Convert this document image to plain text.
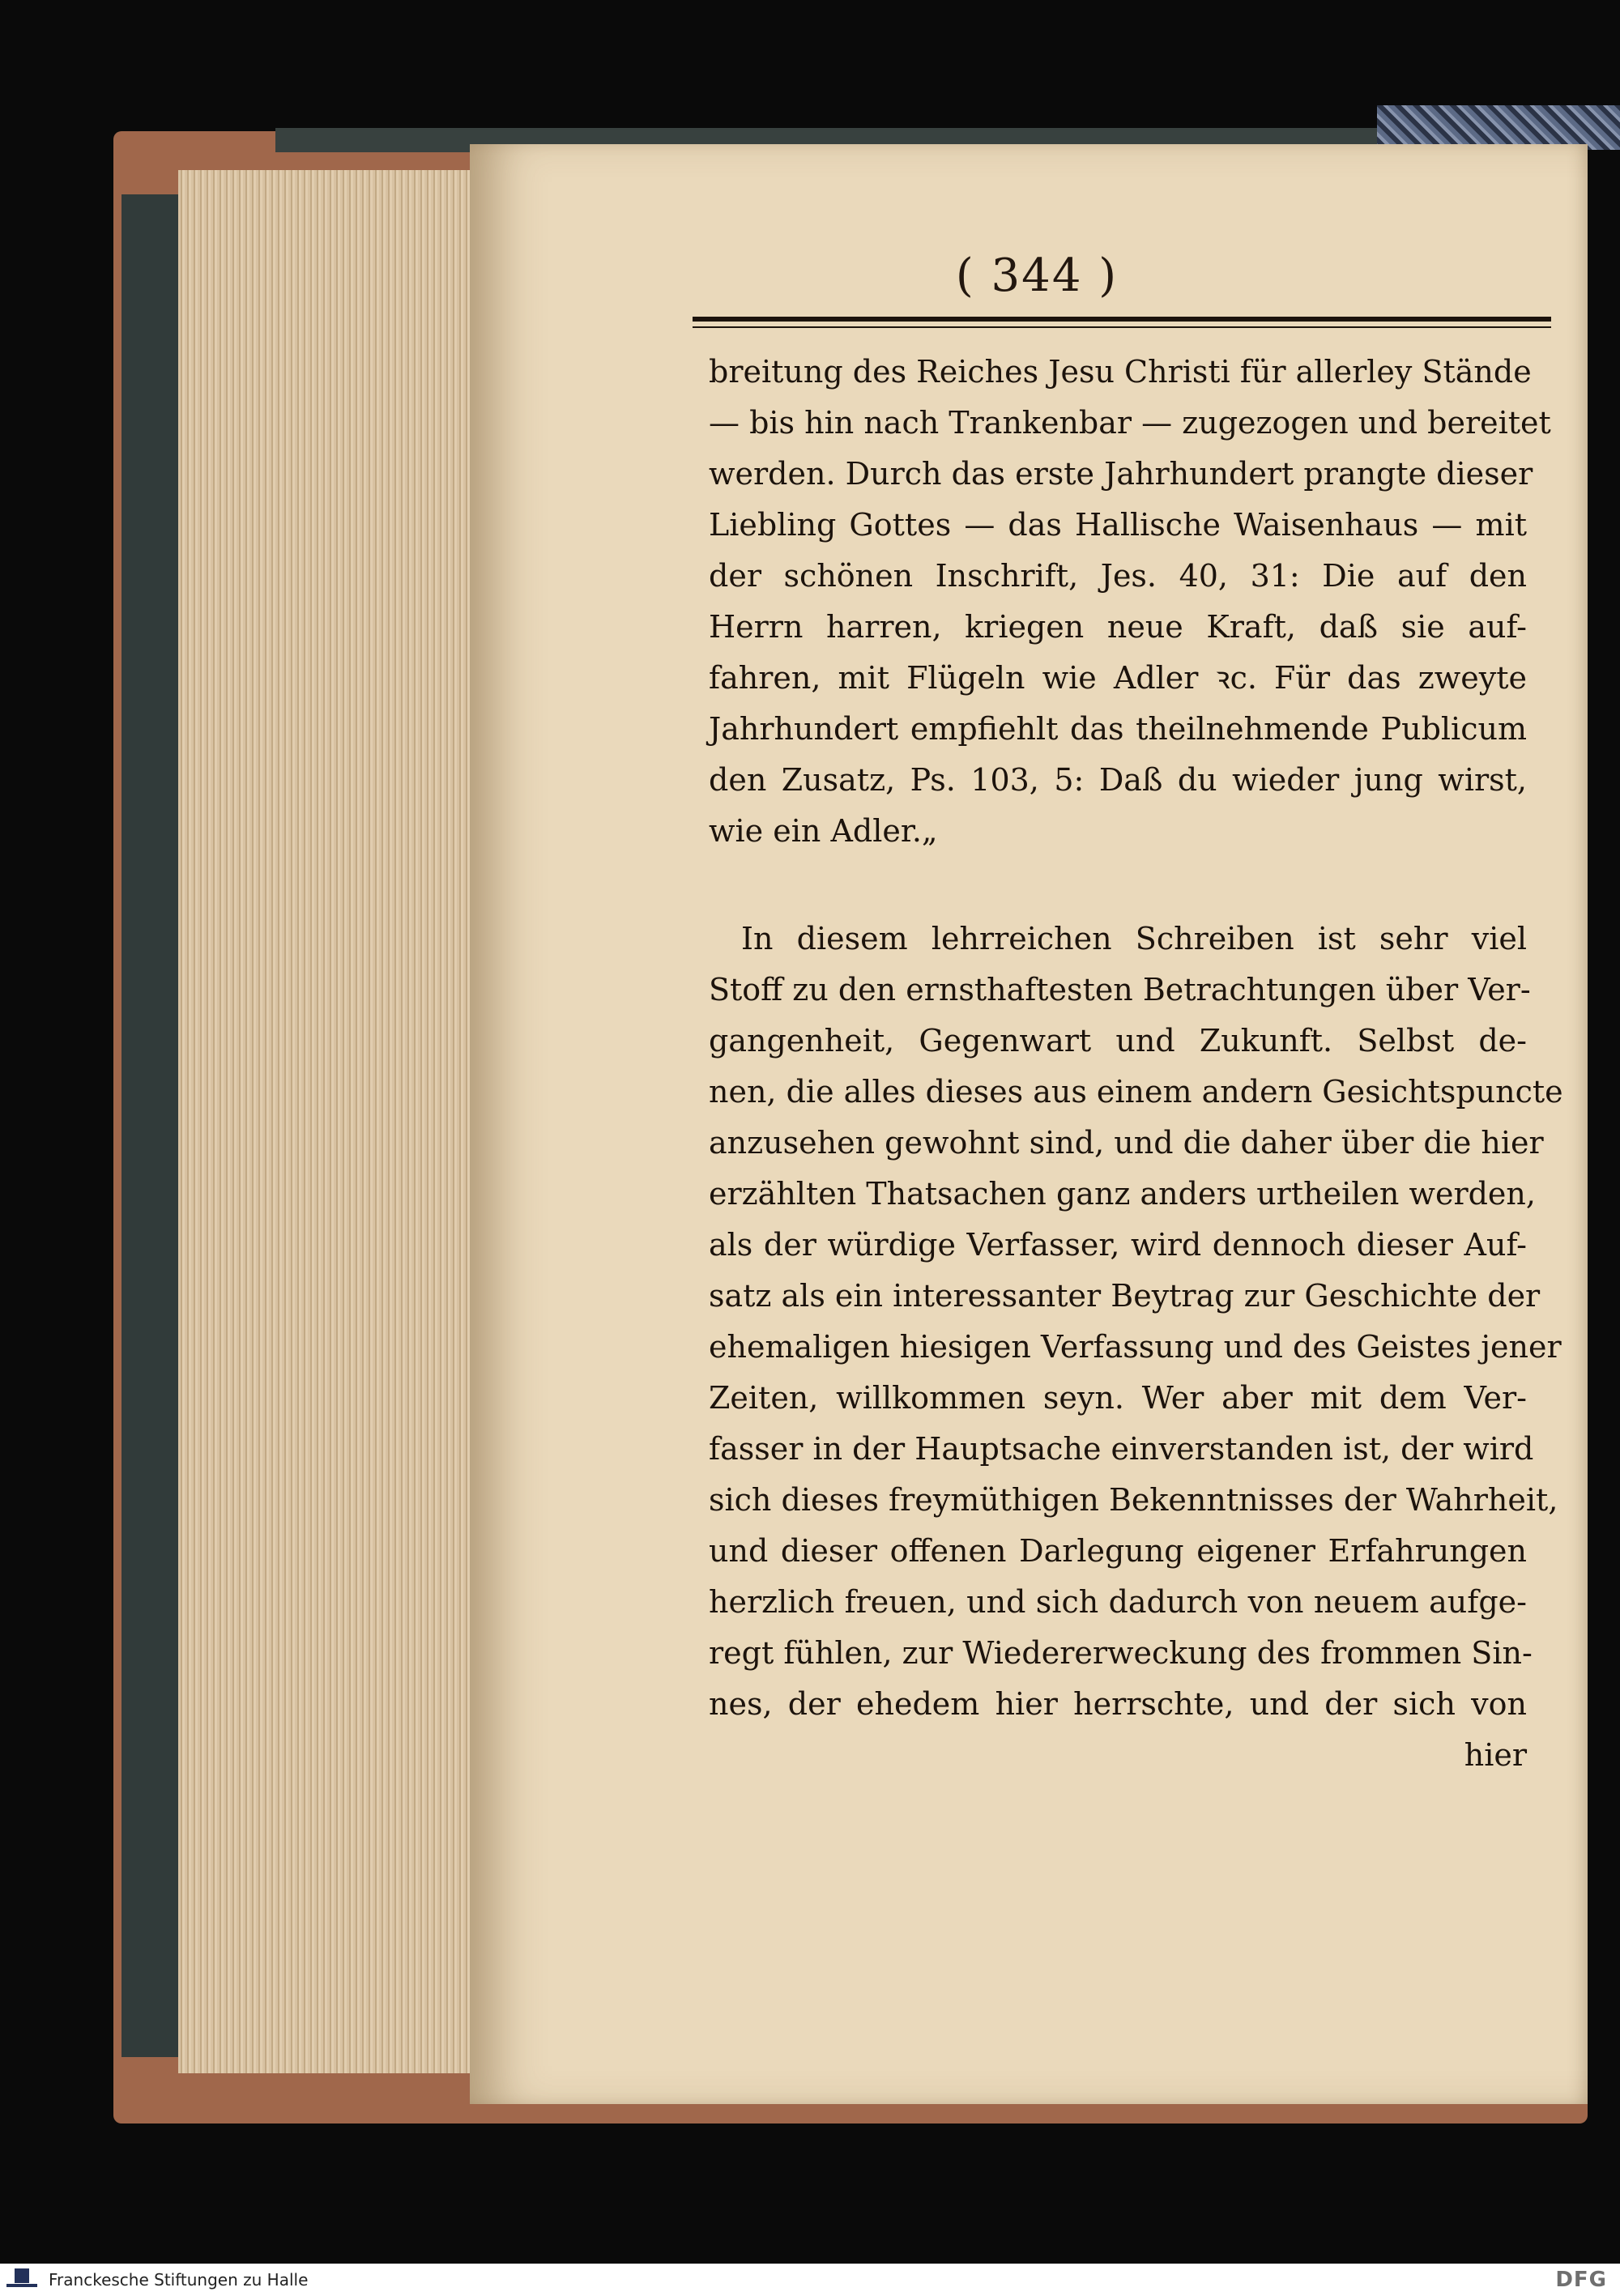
( 344 )
breitung des Reiches Jesu Christi für allerley Stände
— bis hin nach Trankenbar — zugezogen und bereitet
werden. Durch das erste Jahrhundert prangte dieser
Liebling Gottes — das Hallische Waisenhaus — mit
der schönen Inschrift, Jes. 40, 31: Die auf den
Herrn harren, kriegen neue Kraft, daß sie auf-
fahren, mit Flügeln wie Adler ꝛc. Für das zweyte
Jahrhundert empfiehlt das theilnehmende Publicum
den Zusatz, Ps. 103, 5: Daß du wieder jung wirst,
wie ein Adler.„
In diesem lehrreichen Schreiben ist sehr viel
Stoff zu den ernsthaftesten Betrachtungen über Ver-
gangenheit, Gegenwart und Zukunft. Selbst de-
nen, die alles dieses aus einem andern Gesichtspuncte
anzusehen gewohnt sind, und die daher über die hier
erzählten Thatsachen ganz anders urtheilen werden,
als der würdige Verfasser, wird dennoch dieser Auf-
satz als ein interessanter Beytrag zur Geschichte der
ehemaligen hiesigen Verfassung und des Geistes jener
Zeiten, willkommen seyn. Wer aber mit dem Ver-
fasser in der Hauptsache einverstanden ist, der wird
sich dieses freymüthigen Bekenntnisses der Wahrheit,
und dieser offenen Darlegung eigener Erfahrungen
herzlich freuen, und sich dadurch von neuem aufge-
regt fühlen, zur Wiedererweckung des frommen Sin-
nes, der ehedem hier herrschte, und der sich von
hier
Franckesche Stiftungen zu Halle	DFG
